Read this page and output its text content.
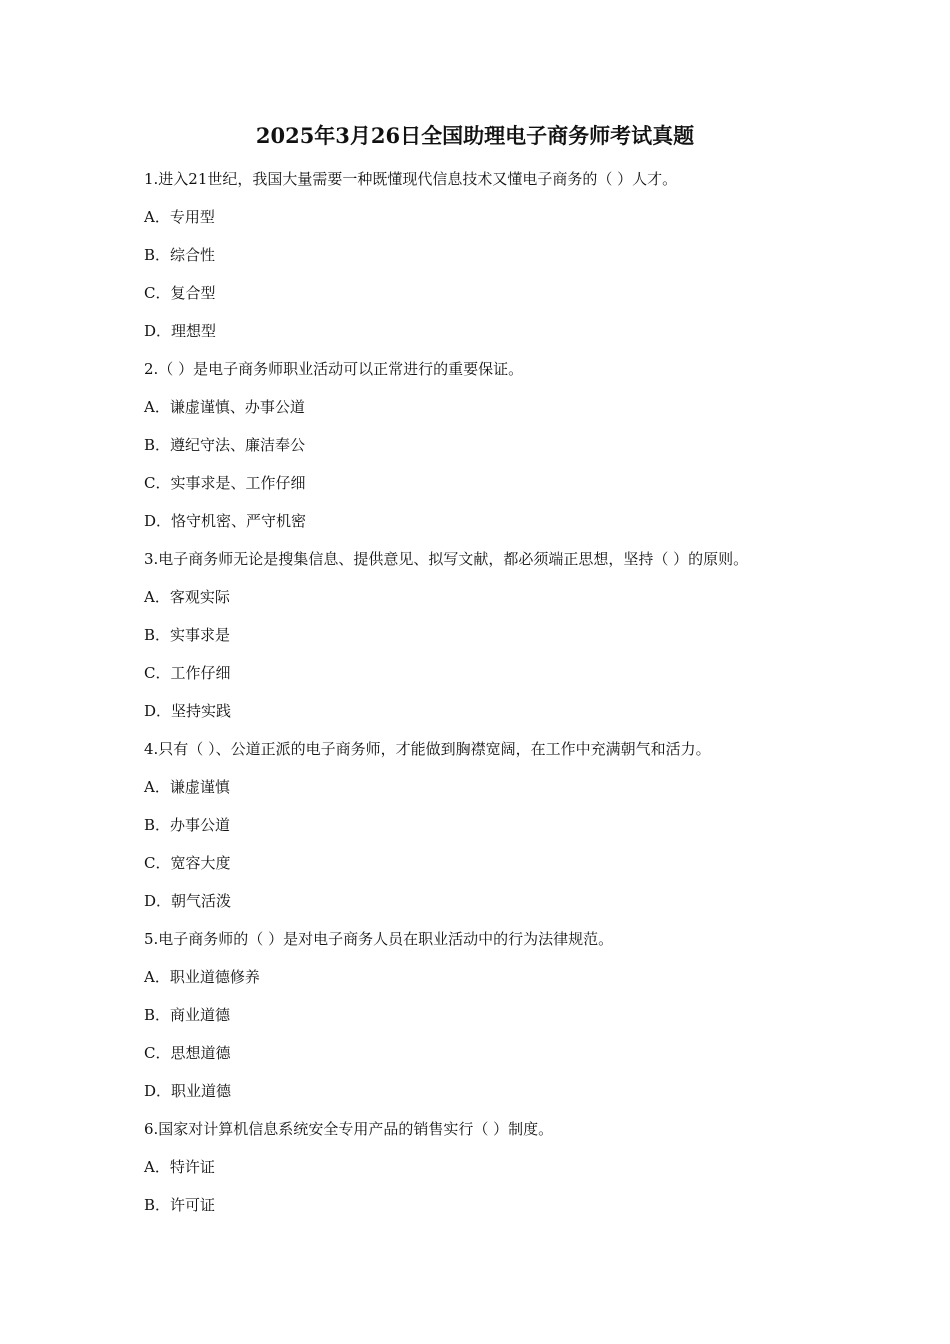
2025年3月26日全国助理电子商务师考试真题
1.进入21世纪，我国大量需要一种既懂现代信息技术又懂电子商务的（ ）人才。
A．专用型
B．综合性
C．复合型
D．理想型
2.（ ）是电子商务师职业活动可以正常进行的重要保证。
A．谦虚谨慎、办事公道
B．遵纪守法、廉洁奉公
C．实事求是、工作仔细
D．恪守机密、严守机密
3.电子商务师无论是搜集信息、提供意见、拟写文献，都必须端正思想，坚持（ ）的原则。
A．客观实际
B．实事求是
C．工作仔细
D．坚持实践
4.只有（ ）、公道正派的电子商务师，才能做到胸襟宽阔，在工作中充满朝气和活力。
A．谦虚谨慎
B．办事公道
C．宽容大度
D．朝气活泼
5.电子商务师的（ ）是对电子商务人员在职业活动中的行为法律规范。
A．职业道德修养
B．商业道德
C．思想道德
D．职业道德
6.国家对计算机信息系统安全专用产品的销售实行（ ）制度。
A．特许证
B．许可证
